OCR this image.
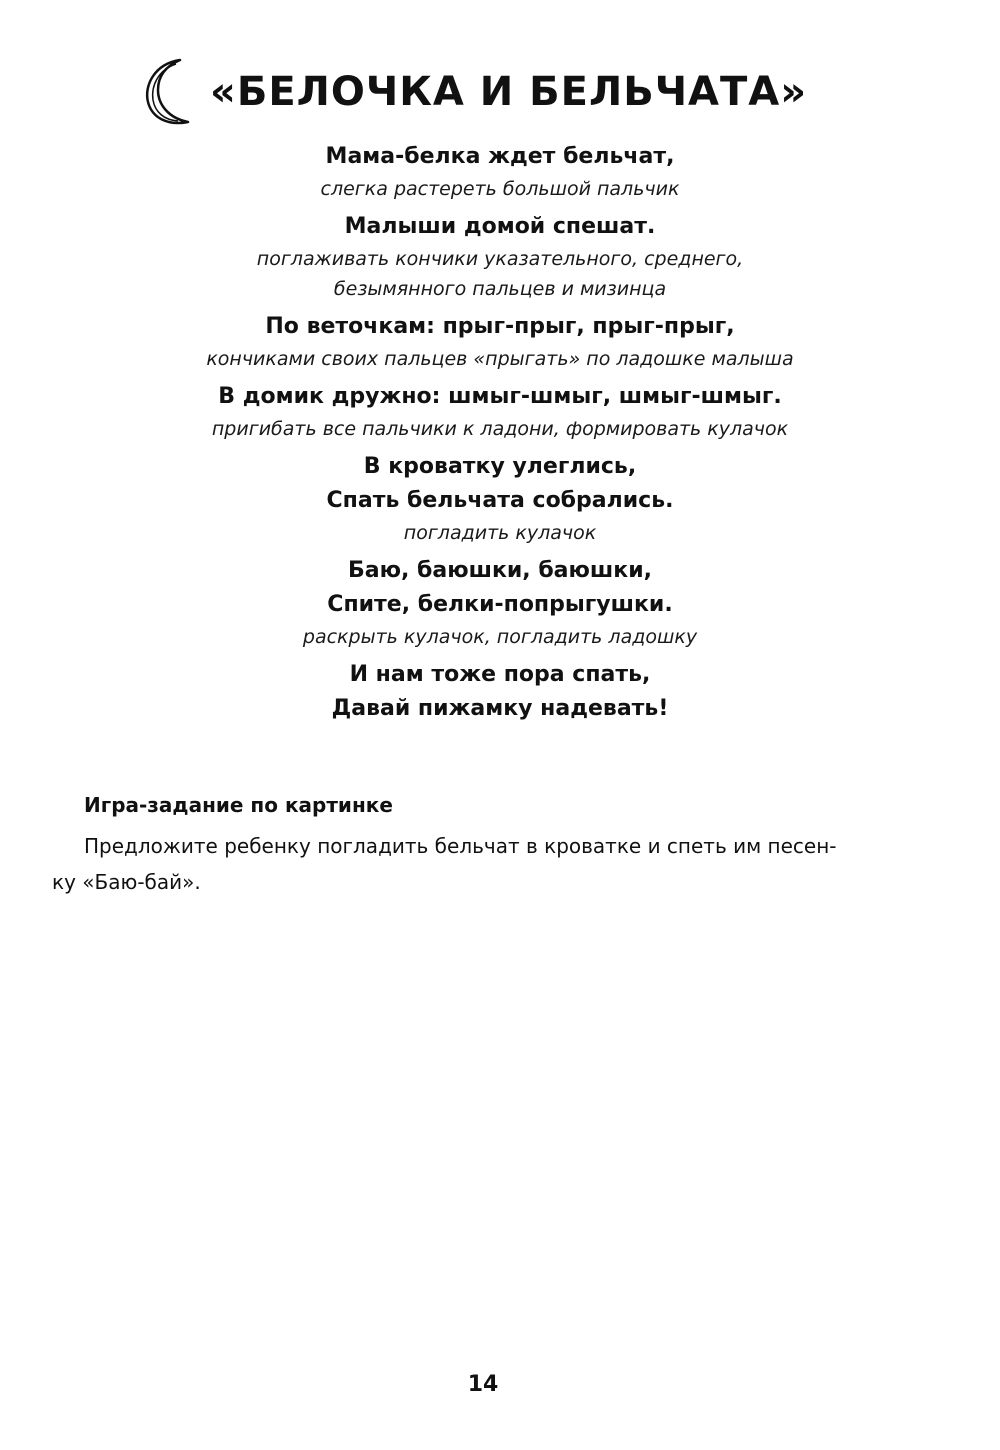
«БЕЛОЧКА И БЕЛЬЧАТА»
Мама-белка ждет бельчат,
слегка растереть большой пальчик
Малыши домой спешат.
поглаживать кончики указательного, среднего,
безымянного пальцев и мизинца
По веточкам: прыг-прыг, прыг-прыг,
кончиками своих пальцев «прыгать» по ладошке малыша
В домик дружно: шмыг-шмыг, шмыг-шмыг.
пригибать все пальчики к ладони, формировать кулачок
В кроватку улеглись,
Спать бельчата собрались.
погладить кулачок
Баю, баюшки, баюшки,
Спите, белки-попрыгушки.
раскрыть кулачок, погладить ладошку
И нам тоже пора спать,
Давай пижамку надевать!
Игра-задание по картинке
Предложите ребенку погладить бельчат в кроватке и спеть им песен-
ку «Баю-бай».
14
